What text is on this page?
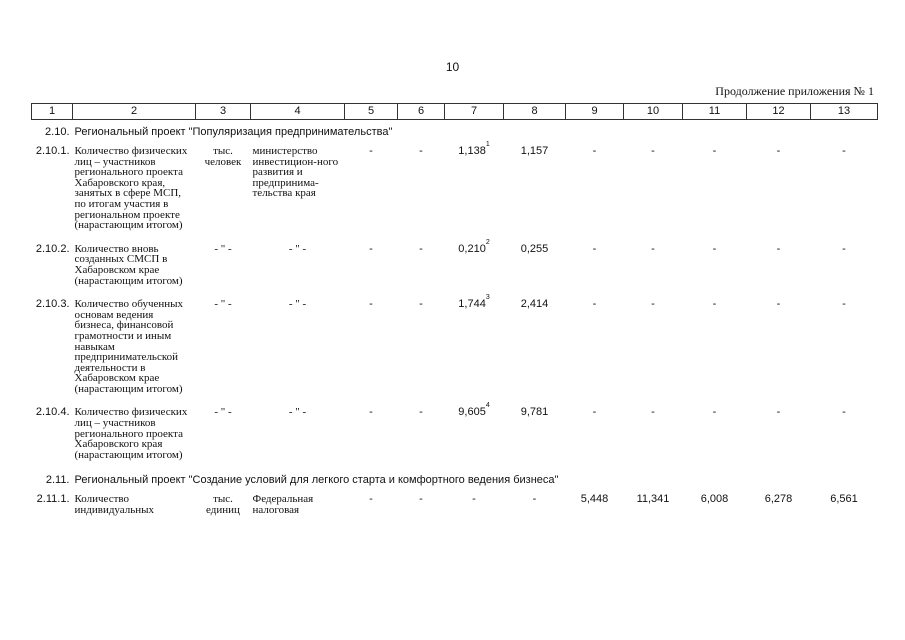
10
Продолжение приложения № 1
1	2	3	4	5	6	7	8	9	10	11	12	13
2.10.	Региональный проект "Популяризация предпринимательства"											
2.10.1.	Количество физических лиц – участников регионального проекта Хабаровского края, занятых в сфере МСП, по итогам участия в региональном проекте (нарастающим итогом)	тыс. человек	министерство инвестицион-ного развития и предпринима-тельства края	-	-	1,138$^1$	1,157	-	-	-	-	-
2.10.2.	Количество вновь созданных СМСП в Хабаровском крае (нарастающим итогом)	- " -	- " -	-	-	0,210$^2$	0,255	-	-	-	-	-
2.10.3.	Количество обученных основам ведения бизнеса, финансовой грамотности и иным навыкам предпринимательской деятельности в Хабаровском крае (нарастающим итогом)	- " -	- " -	-	-	1,744$^3$	2,414	-	-	-	-	-
2.10.4.	Количество физических лиц – участников регионального проекта Хабаровского края (нарастающим итогом)	- " -	- " -	-	-	9,605$^4$	9,781	-	-	-	-	-
2.11.	Региональный проект "Создание условий для легкого старта и комфортного ведения бизнеса"											
2.11.1.	Количество индивидуальных	тыс. единиц	Федеральная налоговая	-	-	-	-	5,448	11,341	6,008	6,278	6,561
